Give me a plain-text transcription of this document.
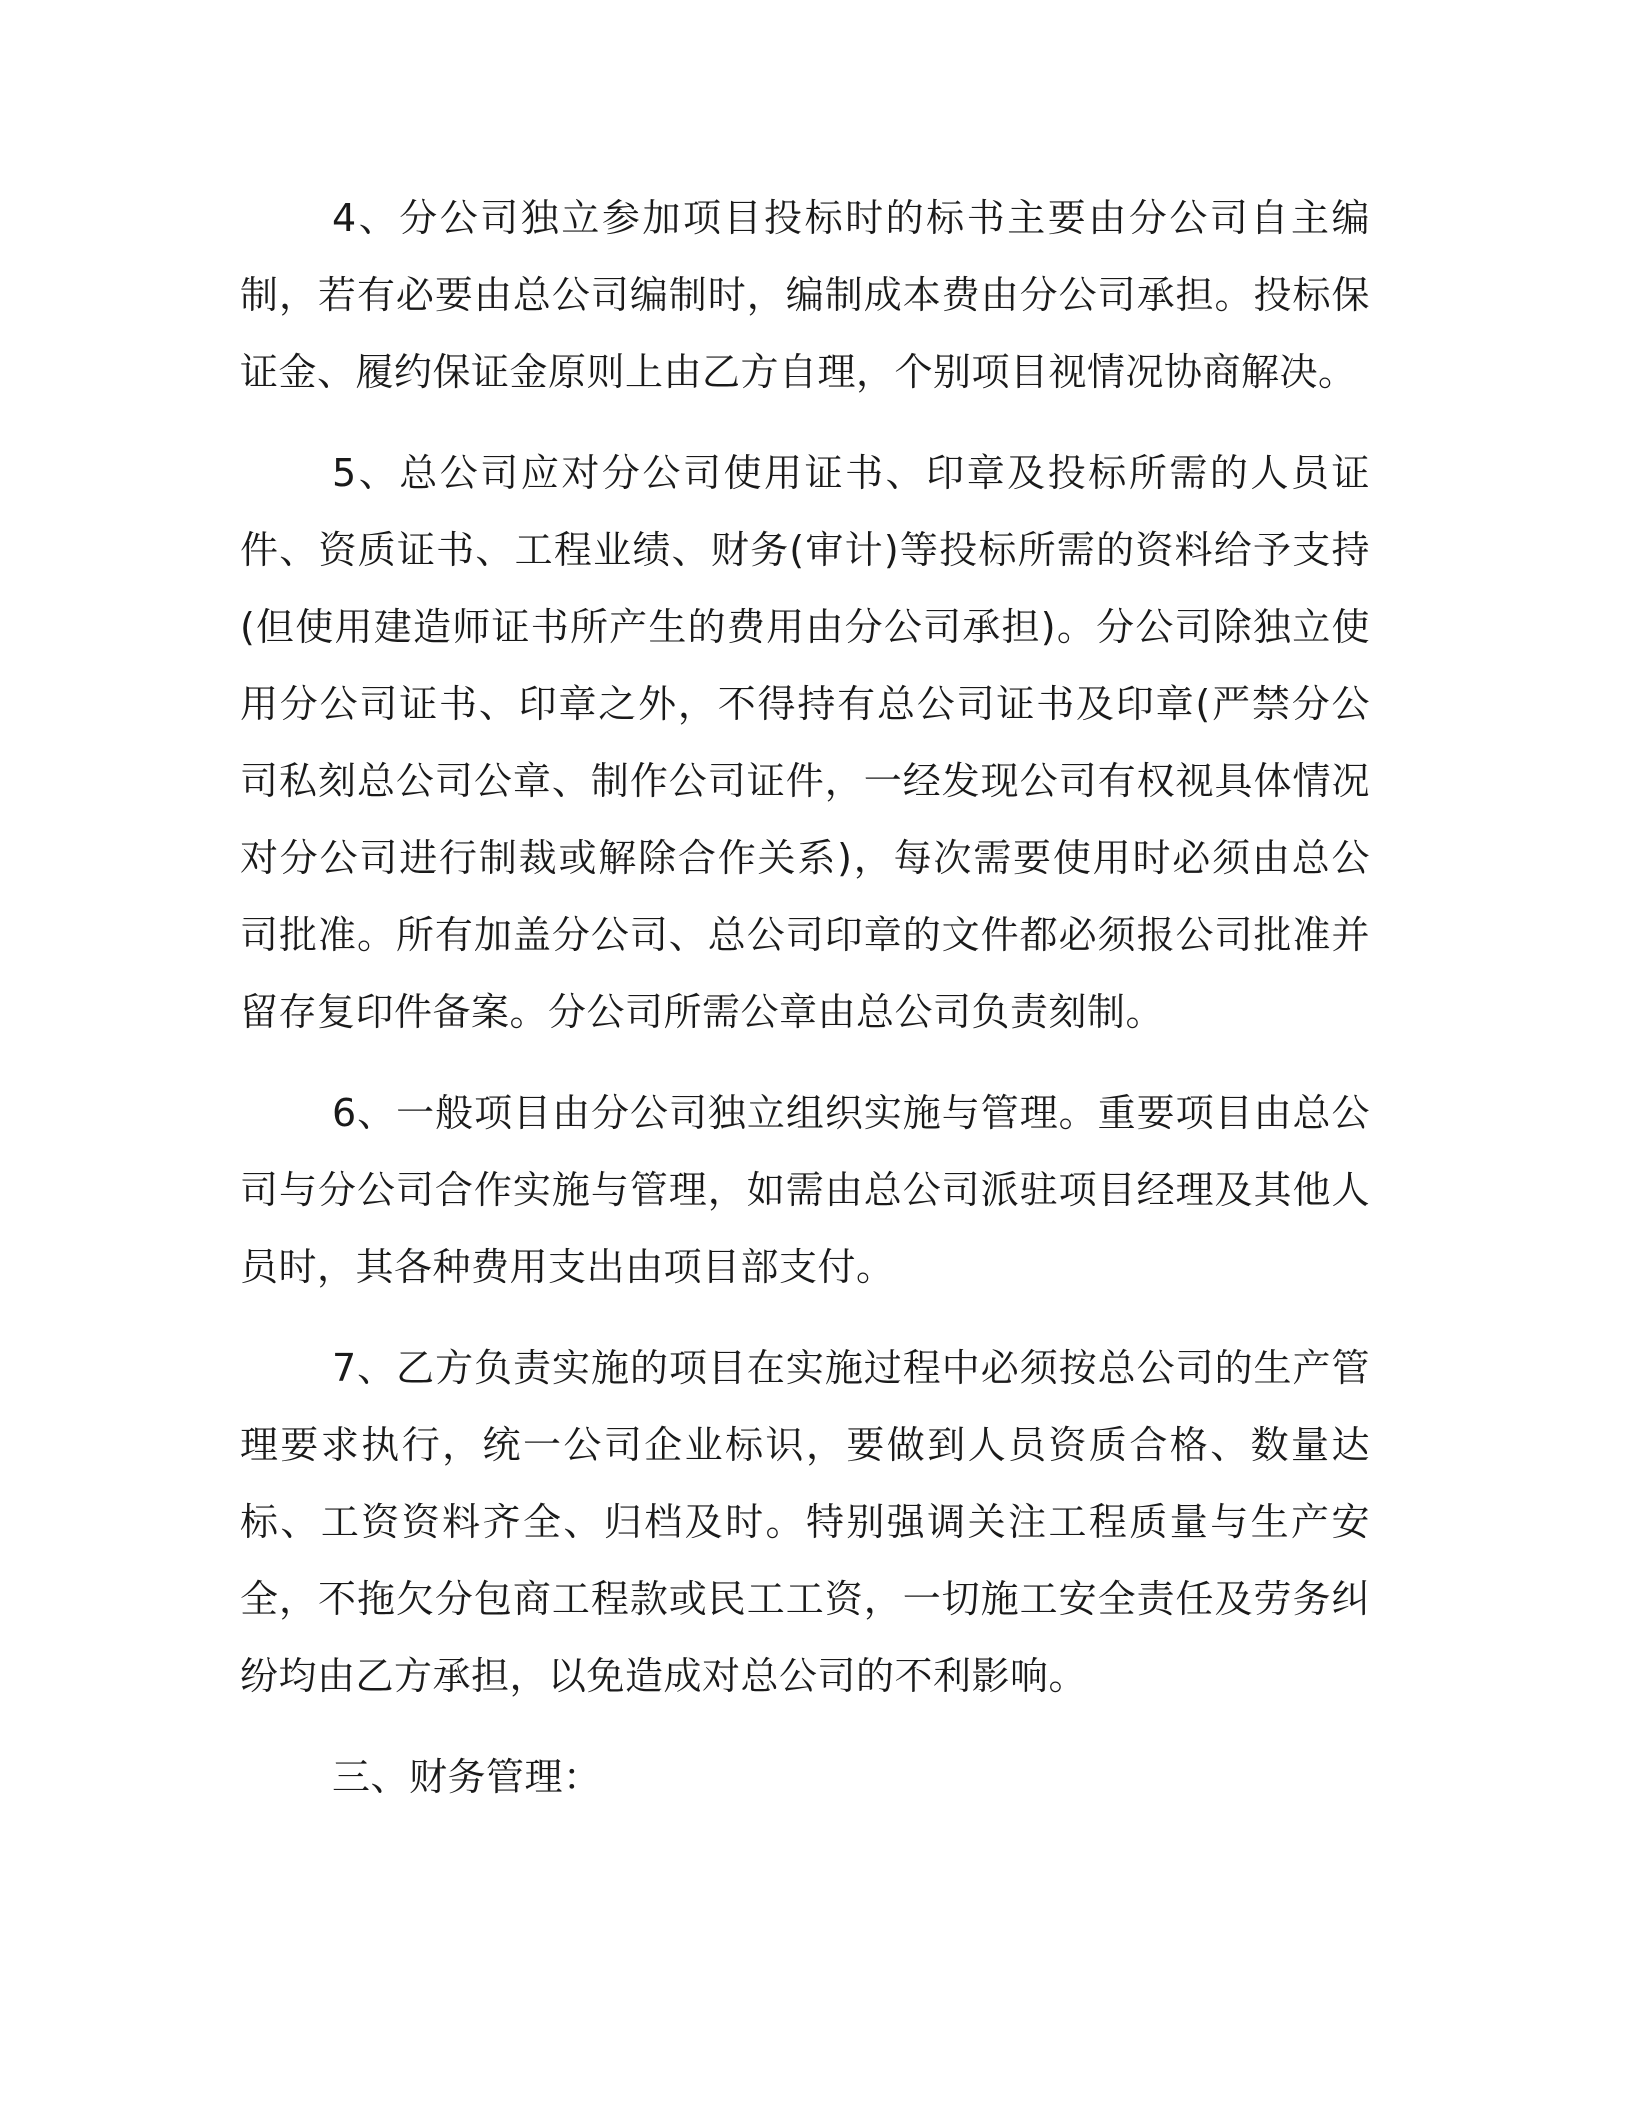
4、分公司独立参加项目投标时的标书主要由分公司自主编制，若有必要由总公司编制时，编制成本费由分公司承担。投标保证金、履约保证金原则上由乙方自理，个别项目视情况协商解决。

5、总公司应对分公司使用证书、印章及投标所需的人员证件、资质证书、工程业绩、财务(审计)等投标所需的资料给予支持(但使用建造师证书所产生的费用由分公司承担)。分公司除独立使用分公司证书、印章之外，不得持有总公司证书及印章(严禁分公司私刻总公司公章、制作公司证件，一经发现公司有权视具体情况对分公司进行制裁或解除合作关系)，每次需要使用时必须由总公司批准。所有加盖分公司、总公司印章的文件都必须报公司批准并留存复印件备案。分公司所需公章由总公司负责刻制。

6、一般项目由分公司独立组织实施与管理。重要项目由总公司与分公司合作实施与管理，如需由总公司派驻项目经理及其他人员时，其各种费用支出由项目部支付。

7、乙方负责实施的项目在实施过程中必须按总公司的生产管理要求执行，统一公司企业标识，要做到人员资质合格、数量达标、工资资料齐全、归档及时。特别强调关注工程质量与生产安全，不拖欠分包商工程款或民工工资，一切施工安全责任及劳务纠纷均由乙方承担，以免造成对总公司的不利影响。

三、财务管理：
